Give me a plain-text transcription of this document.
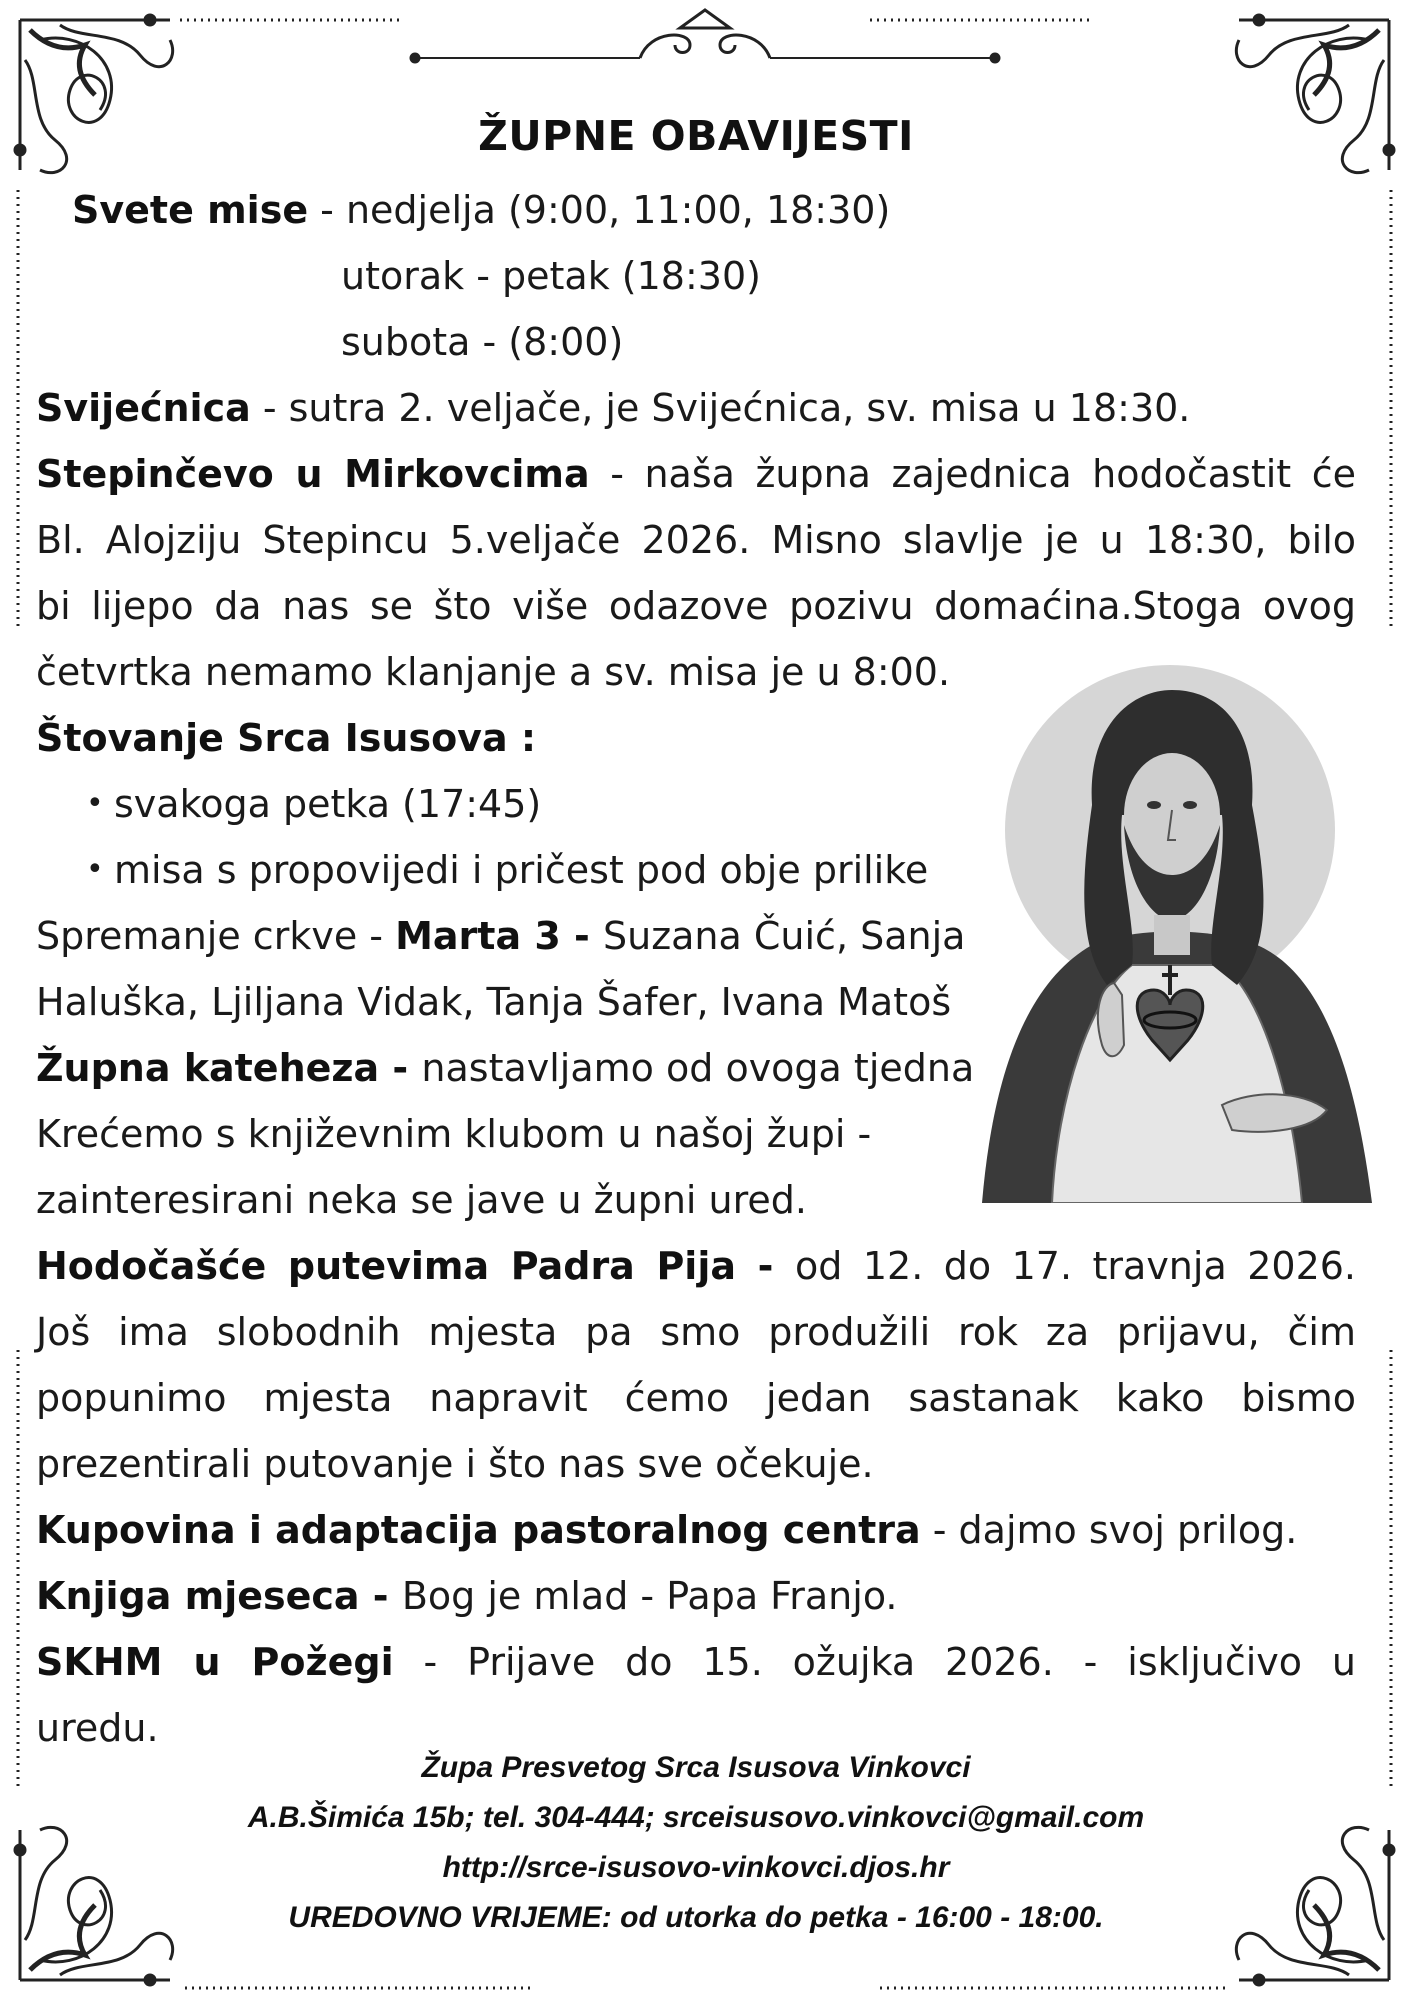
ŽUPNE OBAVIJESTI
Svete mise - nedjelja (9:00, 11:00, 18:30)
utorak - petak (18:30)
subota - (8:00)
Svijećnica - sutra 2. veljače, je Svijećnica, sv. misa u 18:30.
Stepinčevo u Mirkovcima - naša župna zajednica hodočastit će
Bl. Alojziju Stepincu 5.veljače 2026. Misno slavlje je u 18:30, bilo
bi lijepo da nas se što više odazove pozivu domaćina.Stoga ovog
četvrtka nemamo klanjanje a sv. misa je u 8:00.
Štovanje Srca Isusova :
• svakoga petka (17:45)
• misa s propovijedi i pričest pod obje prilike
Spremanje crkve - Marta 3 - Suzana Čuić, Sanja
Haluška, Ljiljana Vidak, Tanja Šafer, Ivana Matoš
Župna kateheza - nastavljamo od ovoga tjedna
Krećemo s književnim klubom u našoj župi -
zainteresirani neka se jave u župni ured.
Hodočašće putevima Padra Pija - od 12. do 17. travnja 2026.
Još ima slobodnih mjesta pa smo produžili rok za prijavu, čim
popunimo mjesta napravit ćemo jedan sastanak kako bismo
prezentirali putovanje i što nas sve očekuje.
Kupovina i adaptacija pastoralnog centra - dajmo svoj prilog.
Knjiga mjeseca - Bog je mlad - Papa Franjo.
SKHM u Požegi - Prijave do 15. ožujka 2026. - isključivo u
uredu.
Župa Presvetog Srca Isusova Vinkovci
A.B.Šimića 15b; tel. 304-444; srceisusovo.vinkovci@gmail.com
http://srce-isusovo-vinkovci.djos.hr
UREDOVNO VRIJEME: od utorka do petka - 16:00 - 18:00.
